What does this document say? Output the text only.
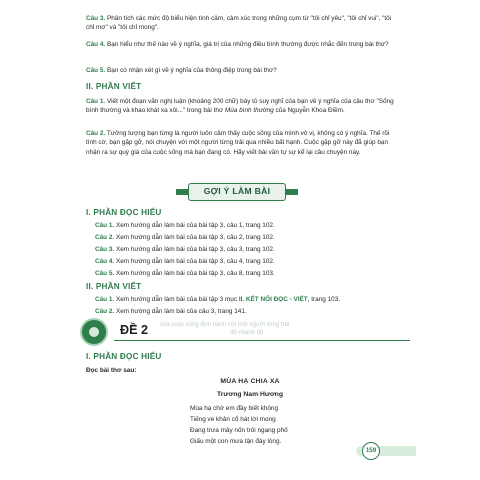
Câu 3. Phân tích các mức độ biểu hiện tình cảm, cảm xúc trong những cụm từ "tôi chỉ yêu", "tôi chỉ vui", "tôi chỉ mơ" và "tôi chỉ mong".

Câu 4. Bạn hiểu như thế nào về ý nghĩa, giá trị của những điều bình thường được nhắc đến trong bài thơ?

Câu 5. Bạn có nhận xét gì về ý nghĩa của thông điệp trong bài thơ?

II. PHẦN VIẾT

Câu 1. Viết một đoạn văn nghị luận (khoảng 200 chữ) bày tỏ suy nghĩ của bạn về ý nghĩa của câu thơ "Sống bình thường và khao khát xa xôi..." trong bài thơ Mùa bình thường của Nguyễn Khoa Điềm.

Câu 2. Tưởng tượng bạn từng là người luôn cảm thấy cuộc sống của mình vô vị, không có ý nghĩa. Thế rồi tình cờ, bạn gặp gỡ, nói chuyện với một người từng trải qua nhiều bất hạnh. Cuộc gặp gỡ này đã giúp bạn nhận ra sự quý giá của cuộc sống mà bạn đang có. Hãy viết bài văn tự sự kể lại câu chuyện này.

GỢI Ý LÀM BÀI
I. PHẦN ĐỌC HIỂU

Câu 1. Xem hướng dẫn làm bài của bài tập 3, câu 1, trang 102.

Câu 2. Xem hướng dẫn làm bài của bài tập 3, câu 2, trang 102.

Câu 3. Xem hướng dẫn làm bài của bài tập 3, câu 3, trang 102.

Câu 4. Xem hướng dẫn làm bài của bài tập 3, câu 4, trang 102.

Câu 5. Xem hướng dẫn làm bài của bài tập 3, câu 8, trang 103.

II. PHẦN VIẾT

Câu 1. Xem hướng dẫn làm bài của bài tập 3 mục II. KẾT NỐI ĐỌC - VIẾT, trang 103.

Câu 2. Xem hướng dẫn làm bài của câu 3, trang 141.

của cuộc sống đơn hành với một người từng trải
độ nhanh đó
ĐỀ 2
I. PHẦN ĐỌC HIỂU

Đọc bài thơ sau:

MÙA HẠ CHIA XA

Trương Nam Hương

Mùa hạ chờ em đầy biết không

Tiếng ve khản cổ hát lời mong

Đang trưa mây nốn trôi ngang phố

Giấu một con mưa tận đáy lòng.

159
